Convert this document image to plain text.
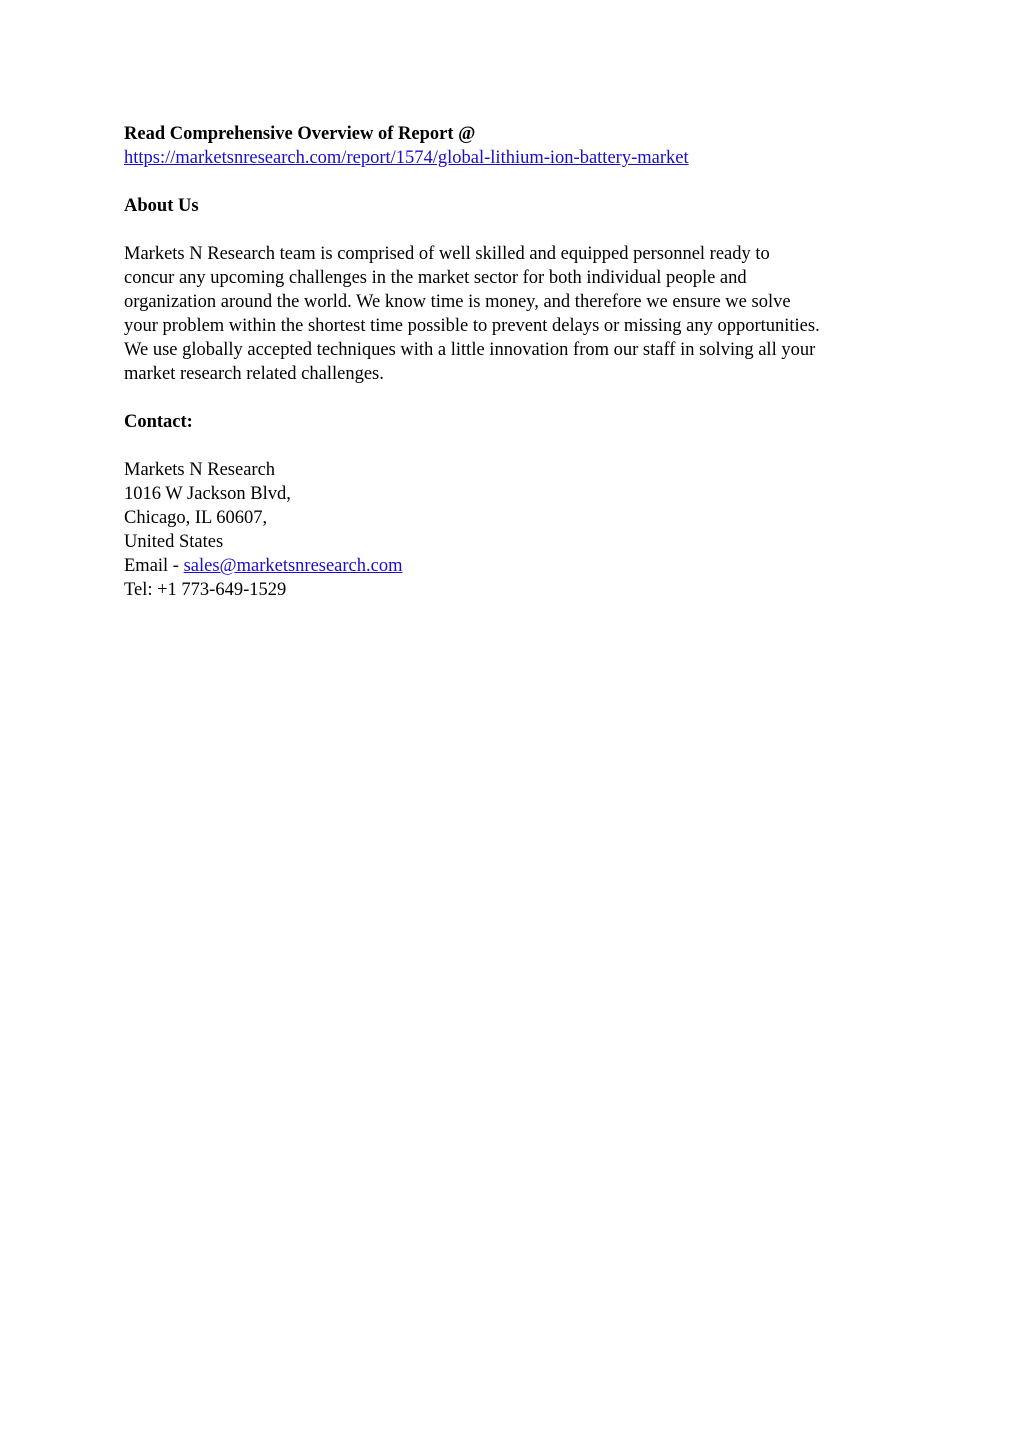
Read Comprehensive Overview of Report @
https://marketsnresearch.com/report/1574/global-lithium-ion-battery-market
About Us
Markets N Research team is comprised of well skilled and equipped personnel ready to
concur any upcoming challenges in the market sector for both individual people and
organization around the world. We know time is money, and therefore we ensure we solve
your problem within the shortest time possible to prevent delays or missing any opportunities.
We use globally accepted techniques with a little innovation from our staff in solving all your
market research related challenges.
Contact:
Markets N Research
1016 W Jackson Blvd,
Chicago, IL 60607,
United States
Email - sales@marketsnresearch.com
Tel: +1 773-649-1529
